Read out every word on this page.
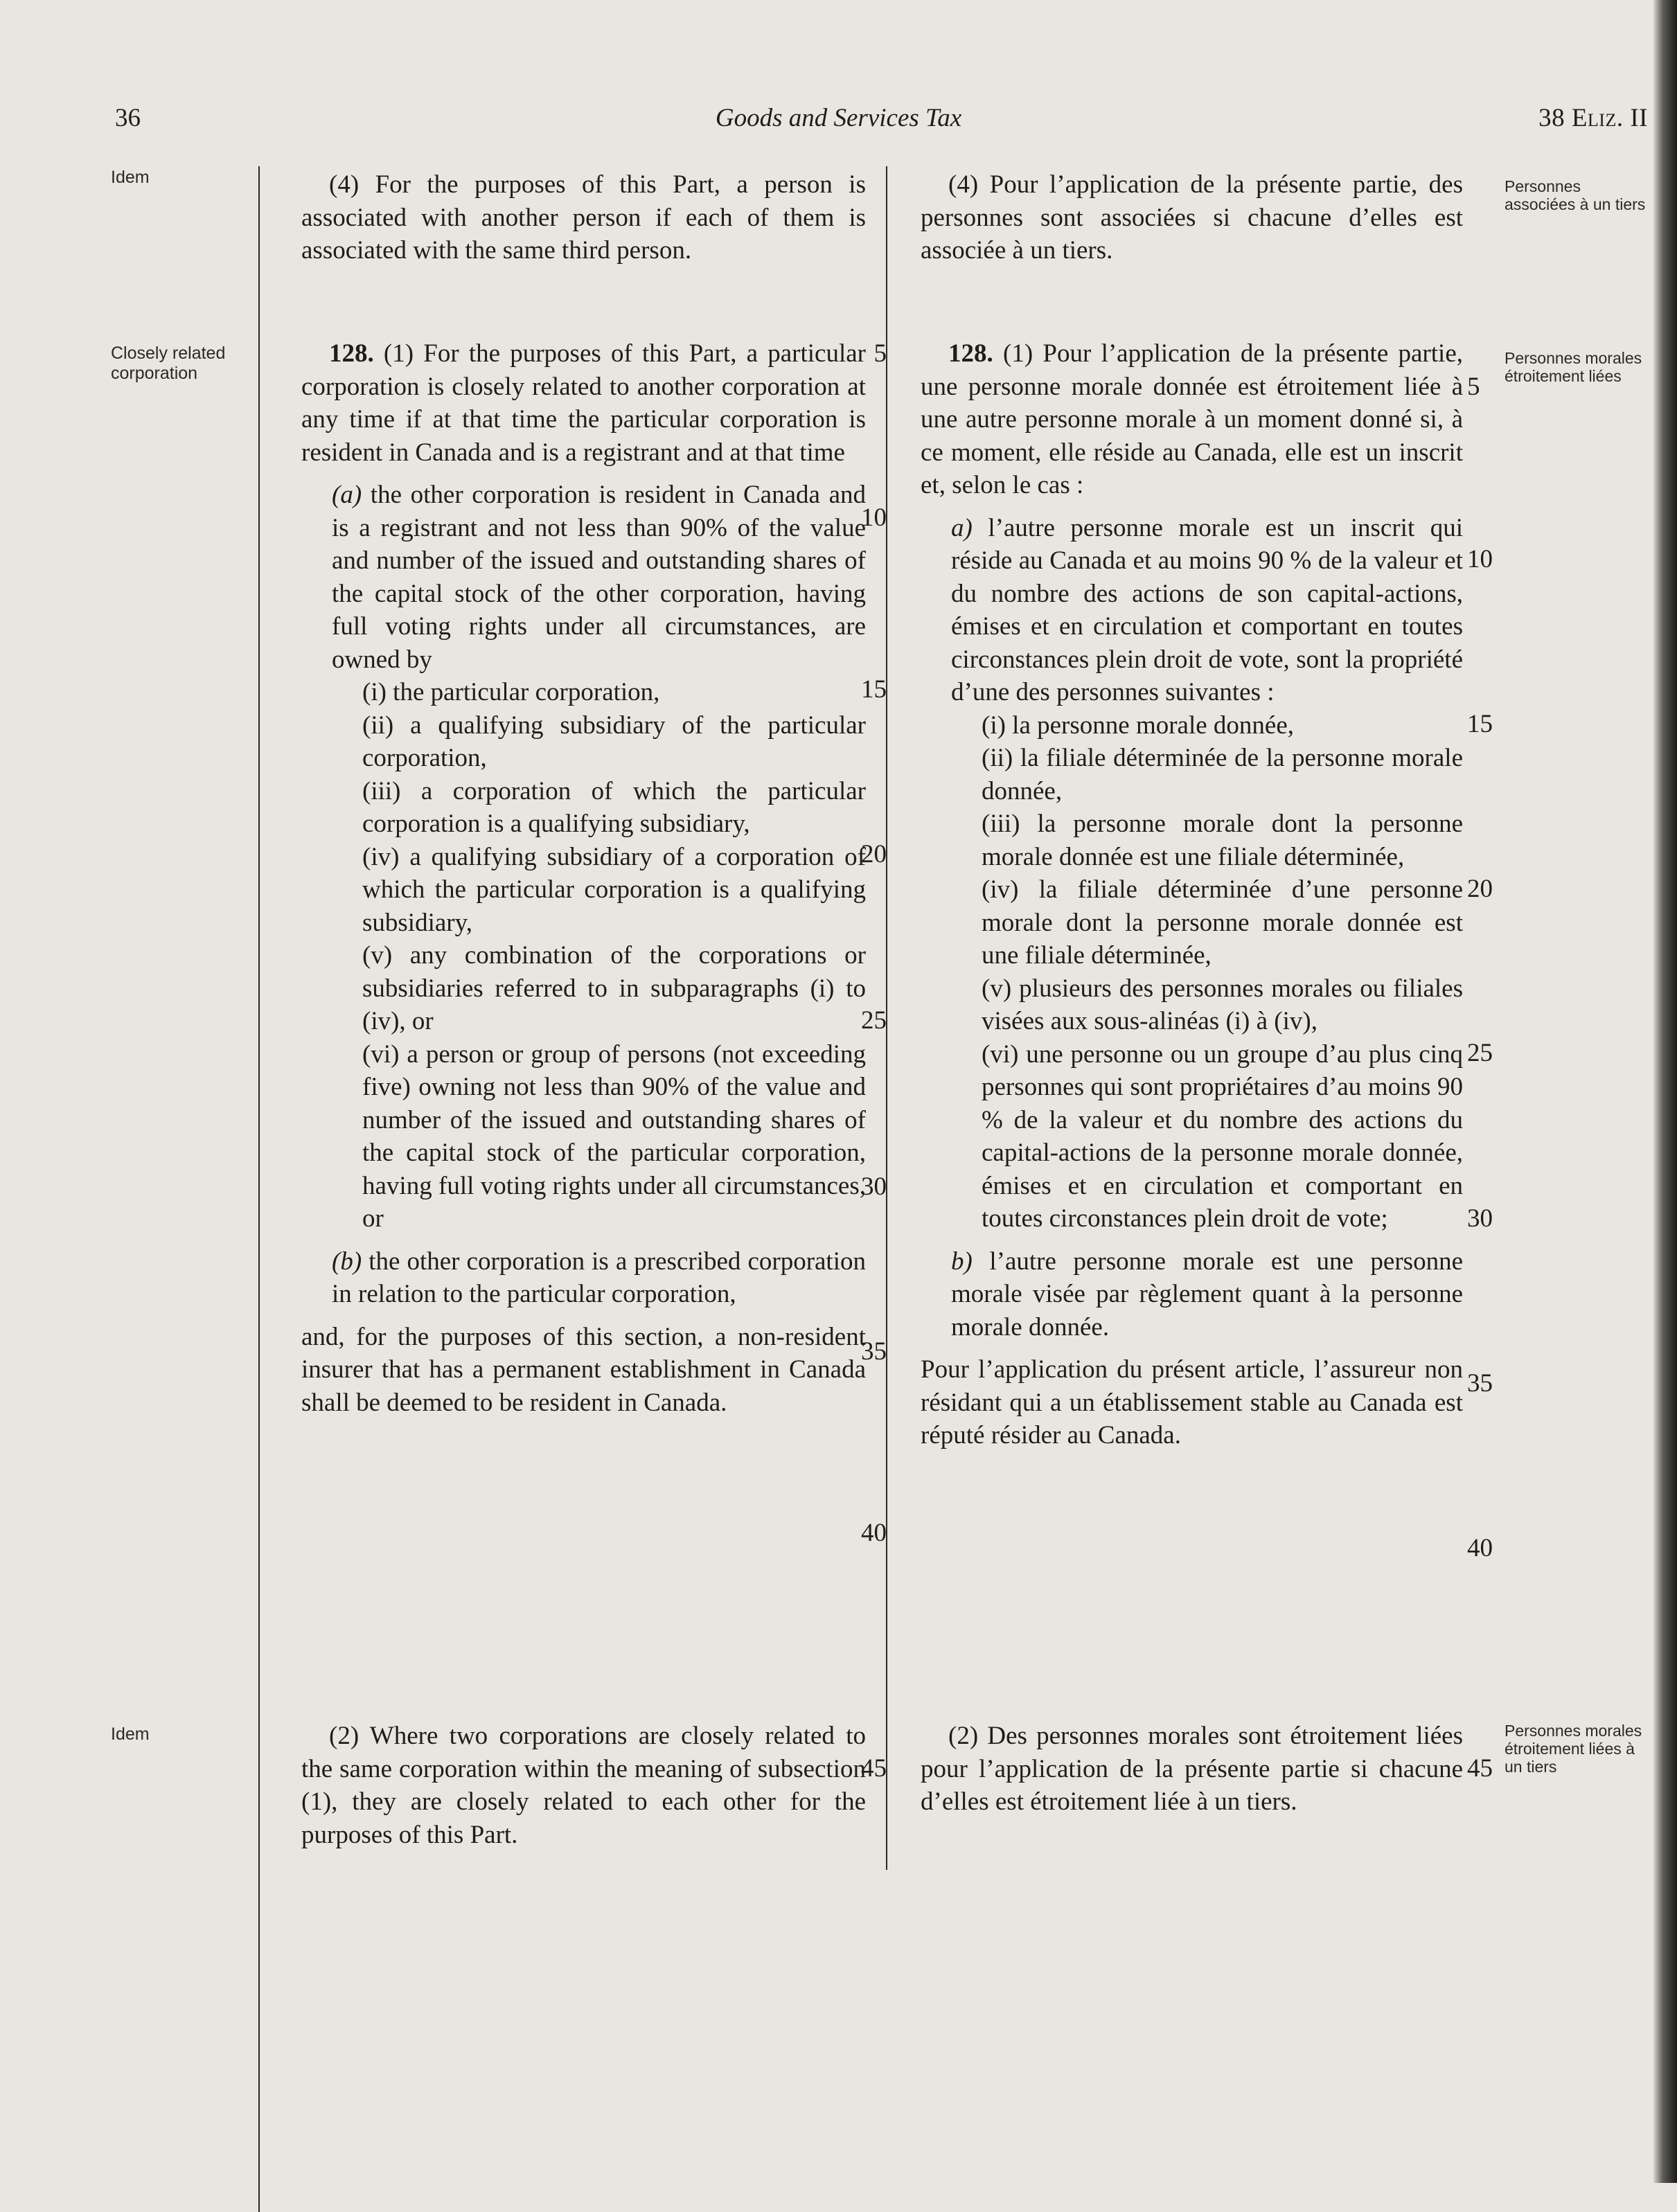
Goods and Services Tax
36	38 Eliz. II
Idem
Closely related corporation
Idem
Personnes associées à un tiers
Personnes morales étroitement liées
Personnes morales étroitement liées à un tiers

(4) For the purposes of this Part, a person is associated with another person if each of them is associated with the same third person.

128. (1) For the purposes of this Part, a particular corporation is closely related to another corporation at any time if at that time the particular corporation is resident in Canada and is a registrant and at that time

(a) the other corporation is resident in Canada and is a registrant and not less than 90% of the value and number of the issued and outstanding shares of the capital stock of the other corporation, having full voting rights under all circumstances, are owned by

(i) the particular corporation,

(ii) a qualifying subsidiary of the particular corporation,

(iii) a corporation of which the particular corporation is a qualifying subsidiary,

(iv) a qualifying subsidiary of a corporation of which the particular corporation is a qualifying subsidiary,

(v) any combination of the corporations or subsidiaries referred to in subparagraphs (i) to (iv), or

(vi) a person or group of persons (not exceeding five) owning not less than 90% of the value and number of the issued and outstanding shares of the capital stock of the particular corporation, having full voting rights under all circumstances, or

(b) the other corporation is a prescribed corporation in relation to the particular corporation,

and, for the purposes of this section, a non-resident insurer that has a permanent establishment in Canada shall be deemed to be resident in Canada.

(2) Where two corporations are closely related to the same corporation within the meaning of subsection (1), they are closely related to each other for the purposes of this Part.

(4) Pour l’application de la présente partie, des personnes sont associées si chacune d’elles est associée à un tiers.

128. (1) Pour l’application de la présente partie, une personne morale donnée est étroitement liée à une autre personne morale à un moment donné si, à ce moment, elle réside au Canada, elle est un inscrit et, selon le cas :

a) l’autre personne morale est un inscrit qui réside au Canada et au moins 90 % de la valeur et du nombre des actions de son capital-actions, émises et en circulation et comportant en toutes circonstances plein droit de vote, sont la propriété d’une des personnes suivantes :

(i) la personne morale donnée,

(ii) la filiale déterminée de la personne morale donnée,

(iii) la personne morale dont la personne morale donnée est une filiale déterminée,

(iv) la filiale déterminée d’une personne morale dont la personne morale donnée est une filiale déterminée,

(v) plusieurs des personnes morales ou filiales visées aux sous-alinéas (i) à (iv),

(vi) une personne ou un groupe d’au plus cinq personnes qui sont propriétaires d’au moins 90 % de la valeur et du nombre des actions du capital-actions de la personne morale donnée, émises et en circulation et comportant en toutes circonstances plein droit de vote;

b) l’autre personne morale est une personne morale visée par règlement quant à la personne morale donnée.

Pour l’application du présent article, l’assureur non résidant qui a un établissement stable au Canada est réputé résider au Canada.

(2) Des personnes morales sont étroitement liées pour l’application de la présente partie si chacune d’elles est étroitement liée à un tiers.

5
10
15
20
25
30
35
40
45
5
10
15
20
25
30
35
40
45
